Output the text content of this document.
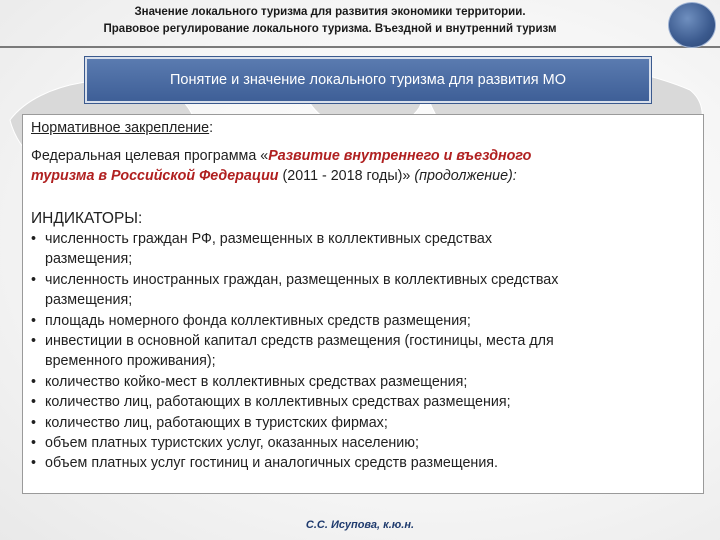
Значение локального туризма для развития экономики территории.
Правовое регулирование локального туризма. Въездной и внутренний туризм
Понятие и значение локального туризма для развития МО
Нормативное закрепление:
Федеральная целевая программа «Развитие внутреннего и въездного
туризма в Российской Федерации (2011 - 2018 годы)» (продолжение):
ИНДИКАТОРЫ:
• численность граждан РФ, размещенных в коллективных средствах
размещения;
• численность иностранных граждан, размещенных в коллективных средствах
размещения;
• площадь номерного фонда коллективных средств размещения;
• инвестиции в основной капитал средств размещения (гостиницы, места для
временного проживания);
• количество койко-мест в коллективных средствах размещения;
• количество лиц, работающих в коллективных средствах размещения;
• количество лиц, работающих в туристских фирмах;
• объем платных туристских услуг, оказанных населению;
• объем платных услуг гостиниц и аналогичных средств размещения.
С.С. Исупова, к.ю.н.
